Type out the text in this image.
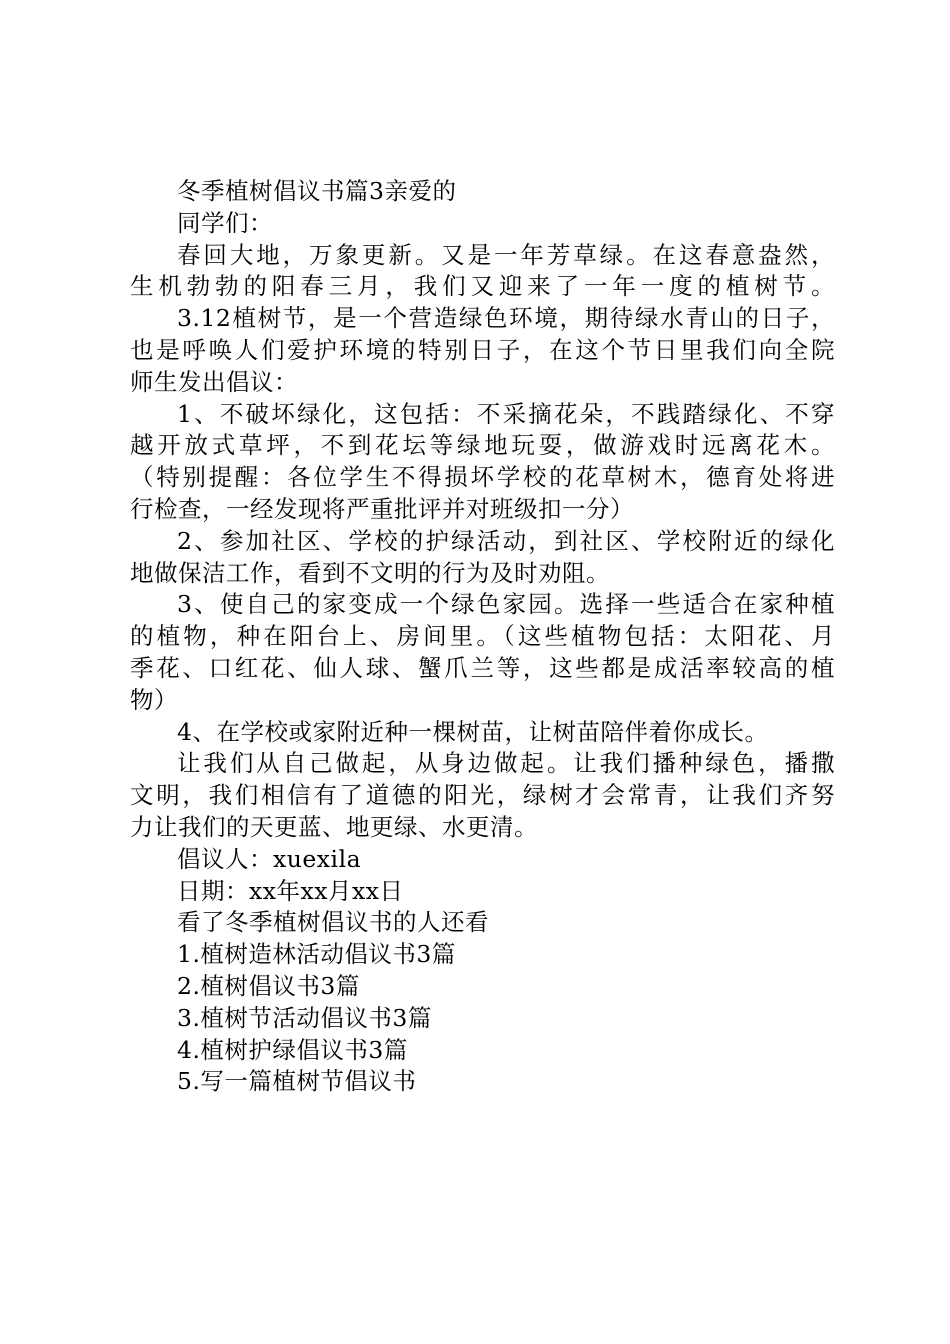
冬季植树倡议书篇3亲爱的
同学们：
春回大地，万象更新。又是一年芳草绿。在这春意盎然，
生机勃勃的阳春三月，我们又迎来了一年一度的植树节。
3.12植树节，是一个营造绿色环境，期待绿水青山的日子，
也是呼唤人们爱护环境的特别日子，在这个节日里我们向全院
师生发出倡议：
1、不破坏绿化，这包括：不采摘花朵，不践踏绿化、不穿
越开放式草坪，不到花坛等绿地玩耍，做游戏时远离花木。
（特别提醒：各位学生不得损坏学校的花草树木，德育处将进
行检查，一经发现将严重批评并对班级扣一分）
2、参加社区、学校的护绿活动，到社区、学校附近的绿化
地做保洁工作，看到不文明的行为及时劝阻。
3、使自己的家变成一个绿色家园。选择一些适合在家种植
的植物，种在阳台上、房间里。（这些植物包括：太阳花、月
季花、口红花、仙人球、蟹爪兰等，这些都是成活率较高的植
物）
4、在学校或家附近种一棵树苗，让树苗陪伴着你成长。
让我们从自己做起，从身边做起。让我们播种绿色，播撒
文明，我们相信有了道德的阳光，绿树才会常青，让我们齐努
力让我们的天更蓝、地更绿、水更清。
倡议人：xuexila
日期：xx年xx月xx日
看了冬季植树倡议书的人还看
1.植树造林活动倡议书3篇
2.植树倡议书3篇
3.植树节活动倡议书3篇
4.植树护绿倡议书3篇
5.写一篇植树节倡议书
